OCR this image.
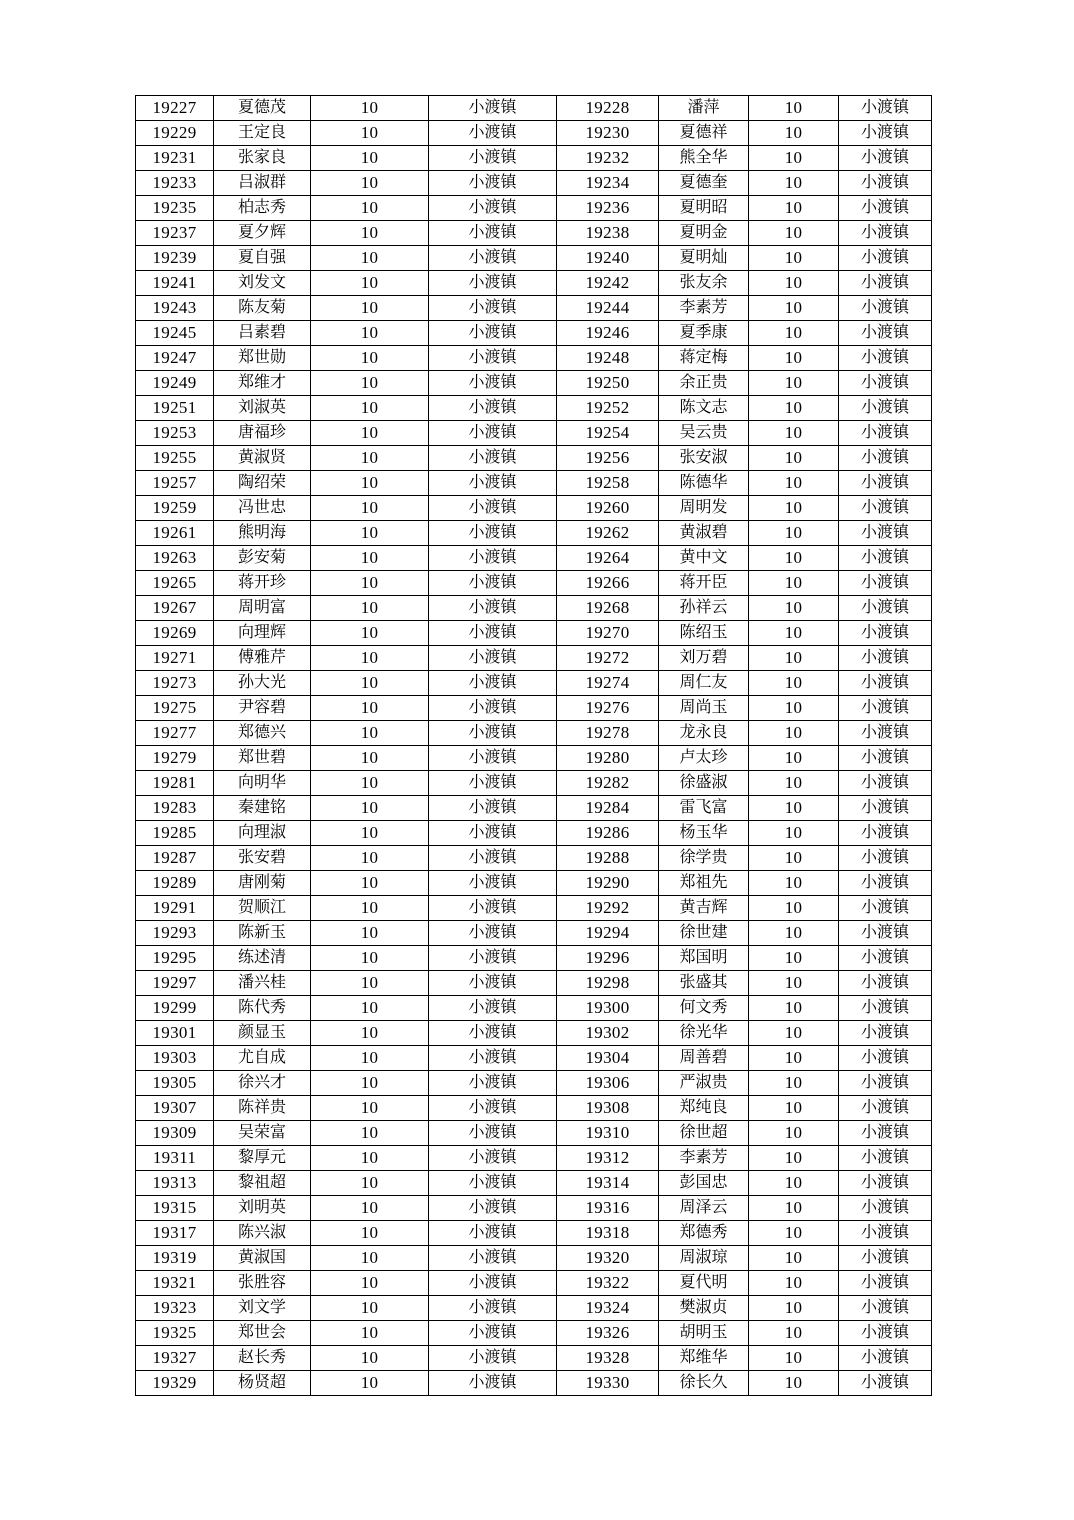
19227	夏德茂	10	小渡镇	19228	潘萍	10	小渡镇
19229	王定良	10	小渡镇	19230	夏德祥	10	小渡镇
19231	张家良	10	小渡镇	19232	熊全华	10	小渡镇
19233	吕淑群	10	小渡镇	19234	夏德奎	10	小渡镇
19235	柏志秀	10	小渡镇	19236	夏明昭	10	小渡镇
19237	夏夕辉	10	小渡镇	19238	夏明金	10	小渡镇
19239	夏自强	10	小渡镇	19240	夏明灿	10	小渡镇
19241	刘发文	10	小渡镇	19242	张友余	10	小渡镇
19243	陈友菊	10	小渡镇	19244	李素芳	10	小渡镇
19245	吕素碧	10	小渡镇	19246	夏季康	10	小渡镇
19247	郑世勋	10	小渡镇	19248	蒋定梅	10	小渡镇
19249	郑维才	10	小渡镇	19250	余正贵	10	小渡镇
19251	刘淑英	10	小渡镇	19252	陈文志	10	小渡镇
19253	唐福珍	10	小渡镇	19254	吴云贵	10	小渡镇
19255	黄淑贤	10	小渡镇	19256	张安淑	10	小渡镇
19257	陶绍荣	10	小渡镇	19258	陈德华	10	小渡镇
19259	冯世忠	10	小渡镇	19260	周明发	10	小渡镇
19261	熊明海	10	小渡镇	19262	黄淑碧	10	小渡镇
19263	彭安菊	10	小渡镇	19264	黄中文	10	小渡镇
19265	蒋开珍	10	小渡镇	19266	蒋开臣	10	小渡镇
19267	周明富	10	小渡镇	19268	孙祥云	10	小渡镇
19269	向理辉	10	小渡镇	19270	陈绍玉	10	小渡镇
19271	傅雅芹	10	小渡镇	19272	刘万碧	10	小渡镇
19273	孙大光	10	小渡镇	19274	周仁友	10	小渡镇
19275	尹容碧	10	小渡镇	19276	周尚玉	10	小渡镇
19277	郑德兴	10	小渡镇	19278	龙永良	10	小渡镇
19279	郑世碧	10	小渡镇	19280	卢太珍	10	小渡镇
19281	向明华	10	小渡镇	19282	徐盛淑	10	小渡镇
19283	秦建铭	10	小渡镇	19284	雷飞富	10	小渡镇
19285	向理淑	10	小渡镇	19286	杨玉华	10	小渡镇
19287	张安碧	10	小渡镇	19288	徐学贵	10	小渡镇
19289	唐刚菊	10	小渡镇	19290	郑祖先	10	小渡镇
19291	贺顺江	10	小渡镇	19292	黄吉辉	10	小渡镇
19293	陈新玉	10	小渡镇	19294	徐世建	10	小渡镇
19295	练述清	10	小渡镇	19296	郑国明	10	小渡镇
19297	潘兴桂	10	小渡镇	19298	张盛其	10	小渡镇
19299	陈代秀	10	小渡镇	19300	何文秀	10	小渡镇
19301	颜显玉	10	小渡镇	19302	徐光华	10	小渡镇
19303	尤自成	10	小渡镇	19304	周善碧	10	小渡镇
19305	徐兴才	10	小渡镇	19306	严淑贵	10	小渡镇
19307	陈祥贵	10	小渡镇	19308	郑纯良	10	小渡镇
19309	吴荣富	10	小渡镇	19310	徐世超	10	小渡镇
19311	黎厚元	10	小渡镇	19312	李素芳	10	小渡镇
19313	黎祖超	10	小渡镇	19314	彭国忠	10	小渡镇
19315	刘明英	10	小渡镇	19316	周泽云	10	小渡镇
19317	陈兴淑	10	小渡镇	19318	郑德秀	10	小渡镇
19319	黄淑国	10	小渡镇	19320	周淑琼	10	小渡镇
19321	张胜容	10	小渡镇	19322	夏代明	10	小渡镇
19323	刘文学	10	小渡镇	19324	樊淑贞	10	小渡镇
19325	郑世会	10	小渡镇	19326	胡明玉	10	小渡镇
19327	赵长秀	10	小渡镇	19328	郑维华	10	小渡镇
19329	杨贤超	10	小渡镇	19330	徐长久	10	小渡镇
